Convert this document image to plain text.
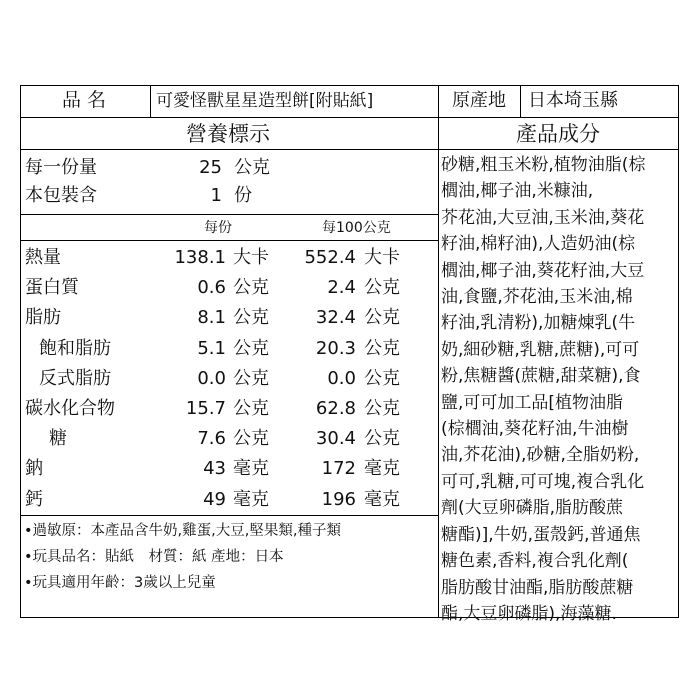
品 名	可愛怪獸星星造型餅[附貼紙]	原產地 日本埼玉縣
營養標示	產品成分
每一份量	25 公克
本包裝含	1 份
每份	每100公克
熱量	138.1 大卡	552.4 大卡
蛋白質	0.6 公克	2.4 公克
脂肪	8.1 公克	32.4 公克
飽和脂肪	5.1 公克	20.3 公克
反式脂肪	0.0 公克	0.0 公克
碳水化合物	15.7 公克	62.8 公克
糖	7.6 公克	30.4 公克
鈉	43 毫克	172 毫克
鈣	49 毫克	196 毫克
•過敏原：本產品含牛奶,雞蛋,大豆,堅果類,種子類
•玩具品名：貼紙　材質：紙 產地：日本
•玩具適用年齡：3歲以上兒童
砂糖,粗玉米粉,植物油脂(棕
櫚油,椰子油,米糠油,
芥花油,大豆油,玉米油,葵花
籽油,棉籽油),人造奶油(棕
櫚油,椰子油,葵花籽油,大豆
油,食鹽,芥花油,玉米油,棉
籽油,乳清粉),加糖煉乳(牛
奶,細砂糖,乳糖,蔗糖),可可
粉,焦糖醬(蔗糖,甜菜糖),食
鹽,可可加工品[植物油脂
(棕櫚油,葵花籽油,牛油樹
油,芥花油),砂糖,全脂奶粉,
可可,乳糖,可可塊,複合乳化
劑(大豆卵磷脂,脂肪酸蔗
糖酯)],牛奶,蛋殼鈣,普通焦
糖色素,香料,複合乳化劑(
脂肪酸甘油酯,脂肪酸蔗糖
酯,大豆卵磷脂),海藻糖.
